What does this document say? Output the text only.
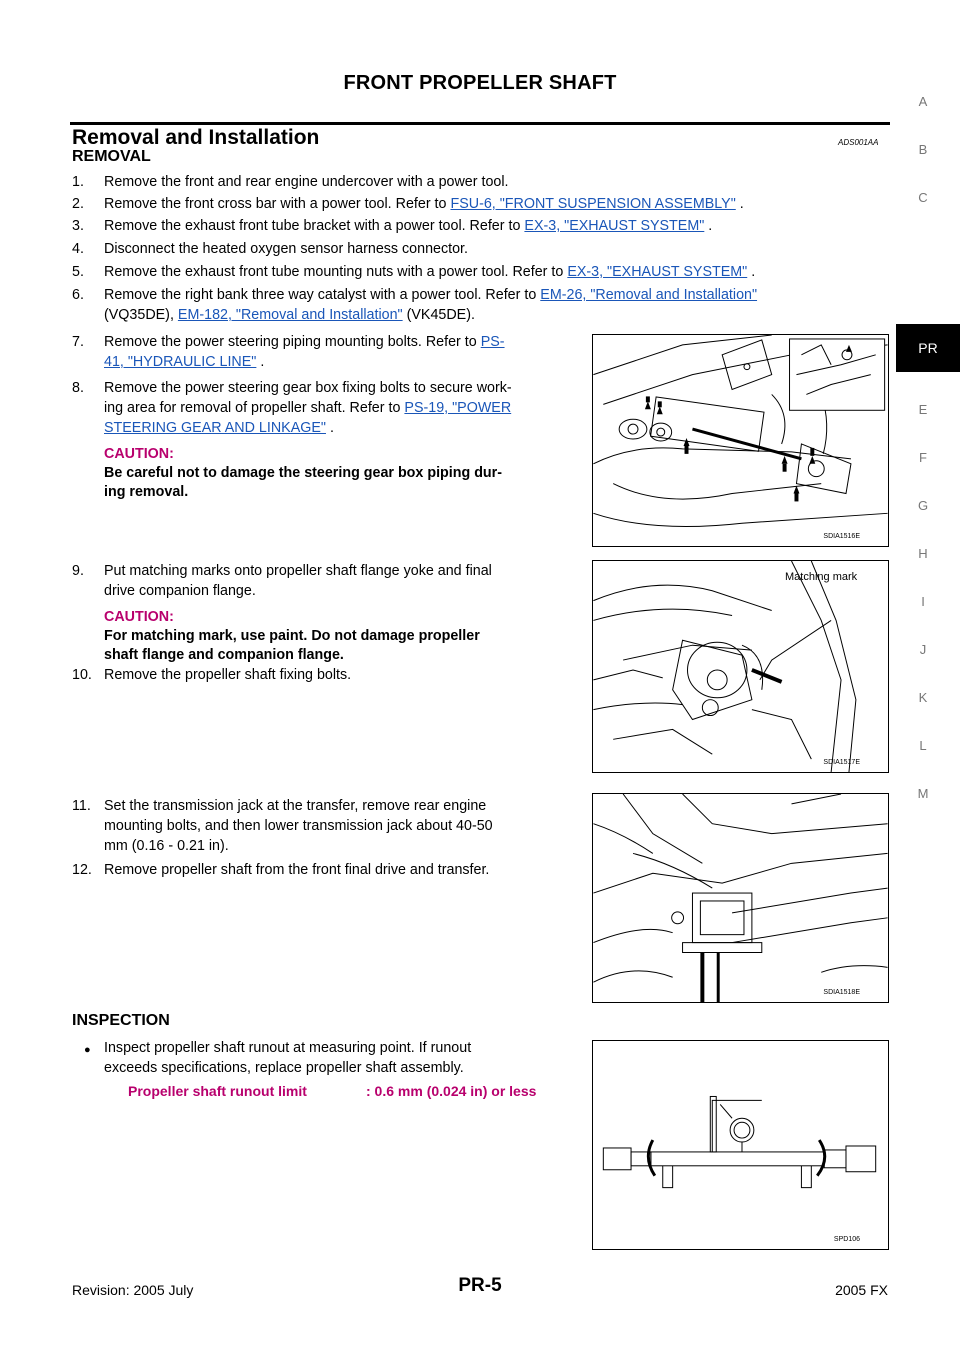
FRONT PROPELLER SHAFT
Removal and Installation	ADS001AA
REMOVAL
1. Remove the front and rear engine undercover with a power tool.
2. Remove the front cross bar with a power tool. Refer to FSU-6, "FRONT SUSPENSION ASSEMBLY" .
3. Remove the exhaust front tube bracket with a power tool. Refer to EX-3, "EXHAUST SYSTEM" .
4. Disconnect the heated oxygen sensor harness connector.
5. Remove the exhaust front tube mounting nuts with a power tool. Refer to EX-3, "EXHAUST SYSTEM" .
6. Remove the right bank three way catalyst with a power tool. Refer to EM-26, "Removal and Installation"
(VQ35DE), EM-182, "Removal and Installation" (VK45DE).
7. Remove the power steering piping mounting bolts. Refer to PS-
41, "HYDRAULIC LINE" .
8. Remove the power steering gear box fixing bolts to secure work-
ing area for removal of propeller shaft. Refer to PS-19, "POWER
STEERING GEAR AND LINKAGE" .
CAUTION:
Be careful not to damage the steering gear box piping dur-
ing removal.
9. Put matching marks onto propeller shaft flange yoke and final
drive companion flange.
CAUTION:
For matching mark, use paint. Do not damage propeller
shaft flange and companion flange.
10. Remove the propeller shaft fixing bolts.
11. Set the transmission jack at the transfer, remove rear engine
mounting bolts, and then lower transmission jack about 40-50
mm (0.16 - 0.21 in).
12. Remove propeller shaft from the front final drive and transfer.
INSPECTION
● Inspect propeller shaft runout at measuring point. If runout
exceeds specifications, replace propeller shaft assembly.
Propeller shaft runout limit	: 0.6 mm (0.024 in) or less
SDIA1516E
Matching mark
SDIA1517E
SDIA1518E
SPD106
A
B
C
PR
E
F
G
H
I
J
K
L
M
Revision: 2005 July	PR-5	2005 FX
